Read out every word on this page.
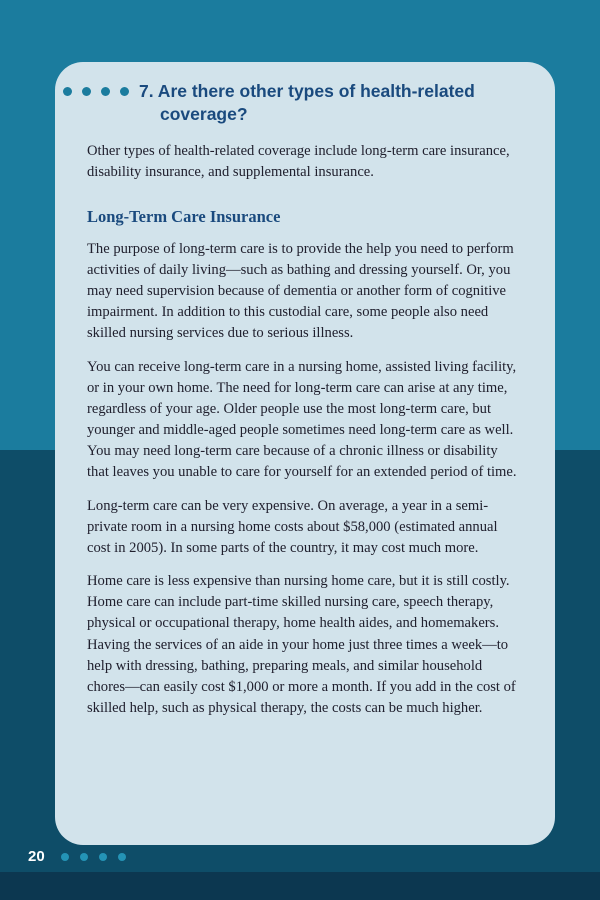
7. Are there other types of health-related coverage?

Other types of health-related coverage include long-term care insurance, disability insurance, and supplemental insurance.

Long-Term Care Insurance

The purpose of long-term care is to provide the help you need to perform activities of daily living—such as bathing and dressing yourself. Or, you may need supervision because of dementia or another form of cognitive impairment. In addition to this custodial care, some people also need skilled nursing services due to serious illness.

You can receive long-term care in a nursing home, assisted living facility, or in your own home. The need for long-term care can arise at any time, regardless of your age. Older people use the most long-term care, but younger and middle-aged people sometimes need long-term care as well. You may need long-term care because of a chronic illness or disability that leaves you unable to care for yourself for an extended period of time.

Long-term care can be very expensive. On average, a year in a semi-private room in a nursing home costs about $58,000 (estimated annual cost in 2005). In some parts of the country, it may cost much more.

Home care is less expensive than nursing home care, but it is still costly. Home care can include part-time skilled nursing care, speech therapy, physical or occupational therapy, home health aides, and homemakers. Having the services of an aide in your home just three times a week—to help with dressing, bathing, preparing meals, and similar household chores—can easily cost $1,000 or more a month. If you add in the cost of skilled help, such as physical therapy, the costs can be much higher.

20
